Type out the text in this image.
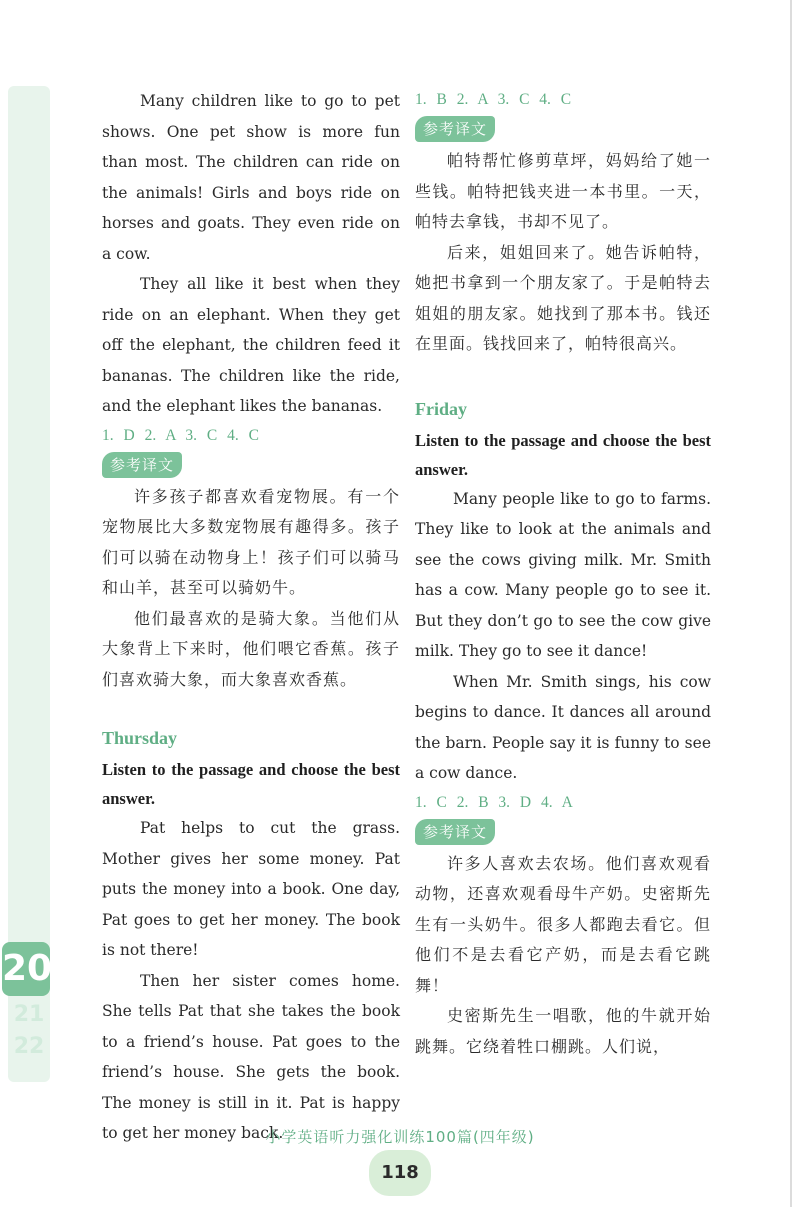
20
21
22

Many children like to go to pet shows. One pet show is more fun than most. The children can ride on the animals! Girls and boys ride on horses and goats. They even ride on a cow.

They all like it best when they ride on an elephant. When they get off the elephant, the children feed it bananas. The children like the ride, and the elephant likes the bananas.

1. D 2. A 3. C 4. C

参考译文

许多孩子都喜欢看宠物展。有一个宠物展比大多数宠物展有趣得多。孩子们可以骑在动物身上！孩子们可以骑马和山羊，甚至可以骑奶牛。

他们最喜欢的是骑大象。当他们从大象背上下来时，他们喂它香蕉。孩子们喜欢骑大象，而大象喜欢香蕉。

Thursday

Listen to the passage and choose the best answer.

Pat helps to cut the grass. Mother gives her some money. Pat puts the money into a book. One day, Pat goes to get her money. The book is not there!

Then her sister comes home. She tells Pat that she takes the book to a friend’s house. Pat goes to the friend’s house. She gets the book. The money is still in it. Pat is happy to get her money back.

1. B 2. A 3. C 4. C

参考译文

帕特帮忙修剪草坪，妈妈给了她一些钱。帕特把钱夹进一本书里。一天，帕特去拿钱，书却不见了。

后来，姐姐回来了。她告诉帕特，她把书拿到一个朋友家了。于是帕特去姐姐的朋友家。她找到了那本书。钱还在里面。钱找回来了，帕特很高兴。

Friday

Listen to the passage and choose the best answer.

Many people like to go to farms. They like to look at the animals and see the cows giving milk. Mr. Smith has a cow. Many people go to see it. But they don’t go to see the cow give milk. They go to see it dance!

When Mr. Smith sings, his cow begins to dance. It dances all around the barn. People say it is funny to see a cow dance.

1. C 2. B 3. D 4. A

参考译文

许多人喜欢去农场。他们喜欢观看动物，还喜欢观看母牛产奶。史密斯先生有一头奶牛。很多人都跑去看它。但他们不是去看它产奶，而是去看它跳舞！

史密斯先生一唱歌，他的牛就开始跳舞。它绕着牲口棚跳。人们说，

小学英语听力强化训练100篇(四年级)
118
